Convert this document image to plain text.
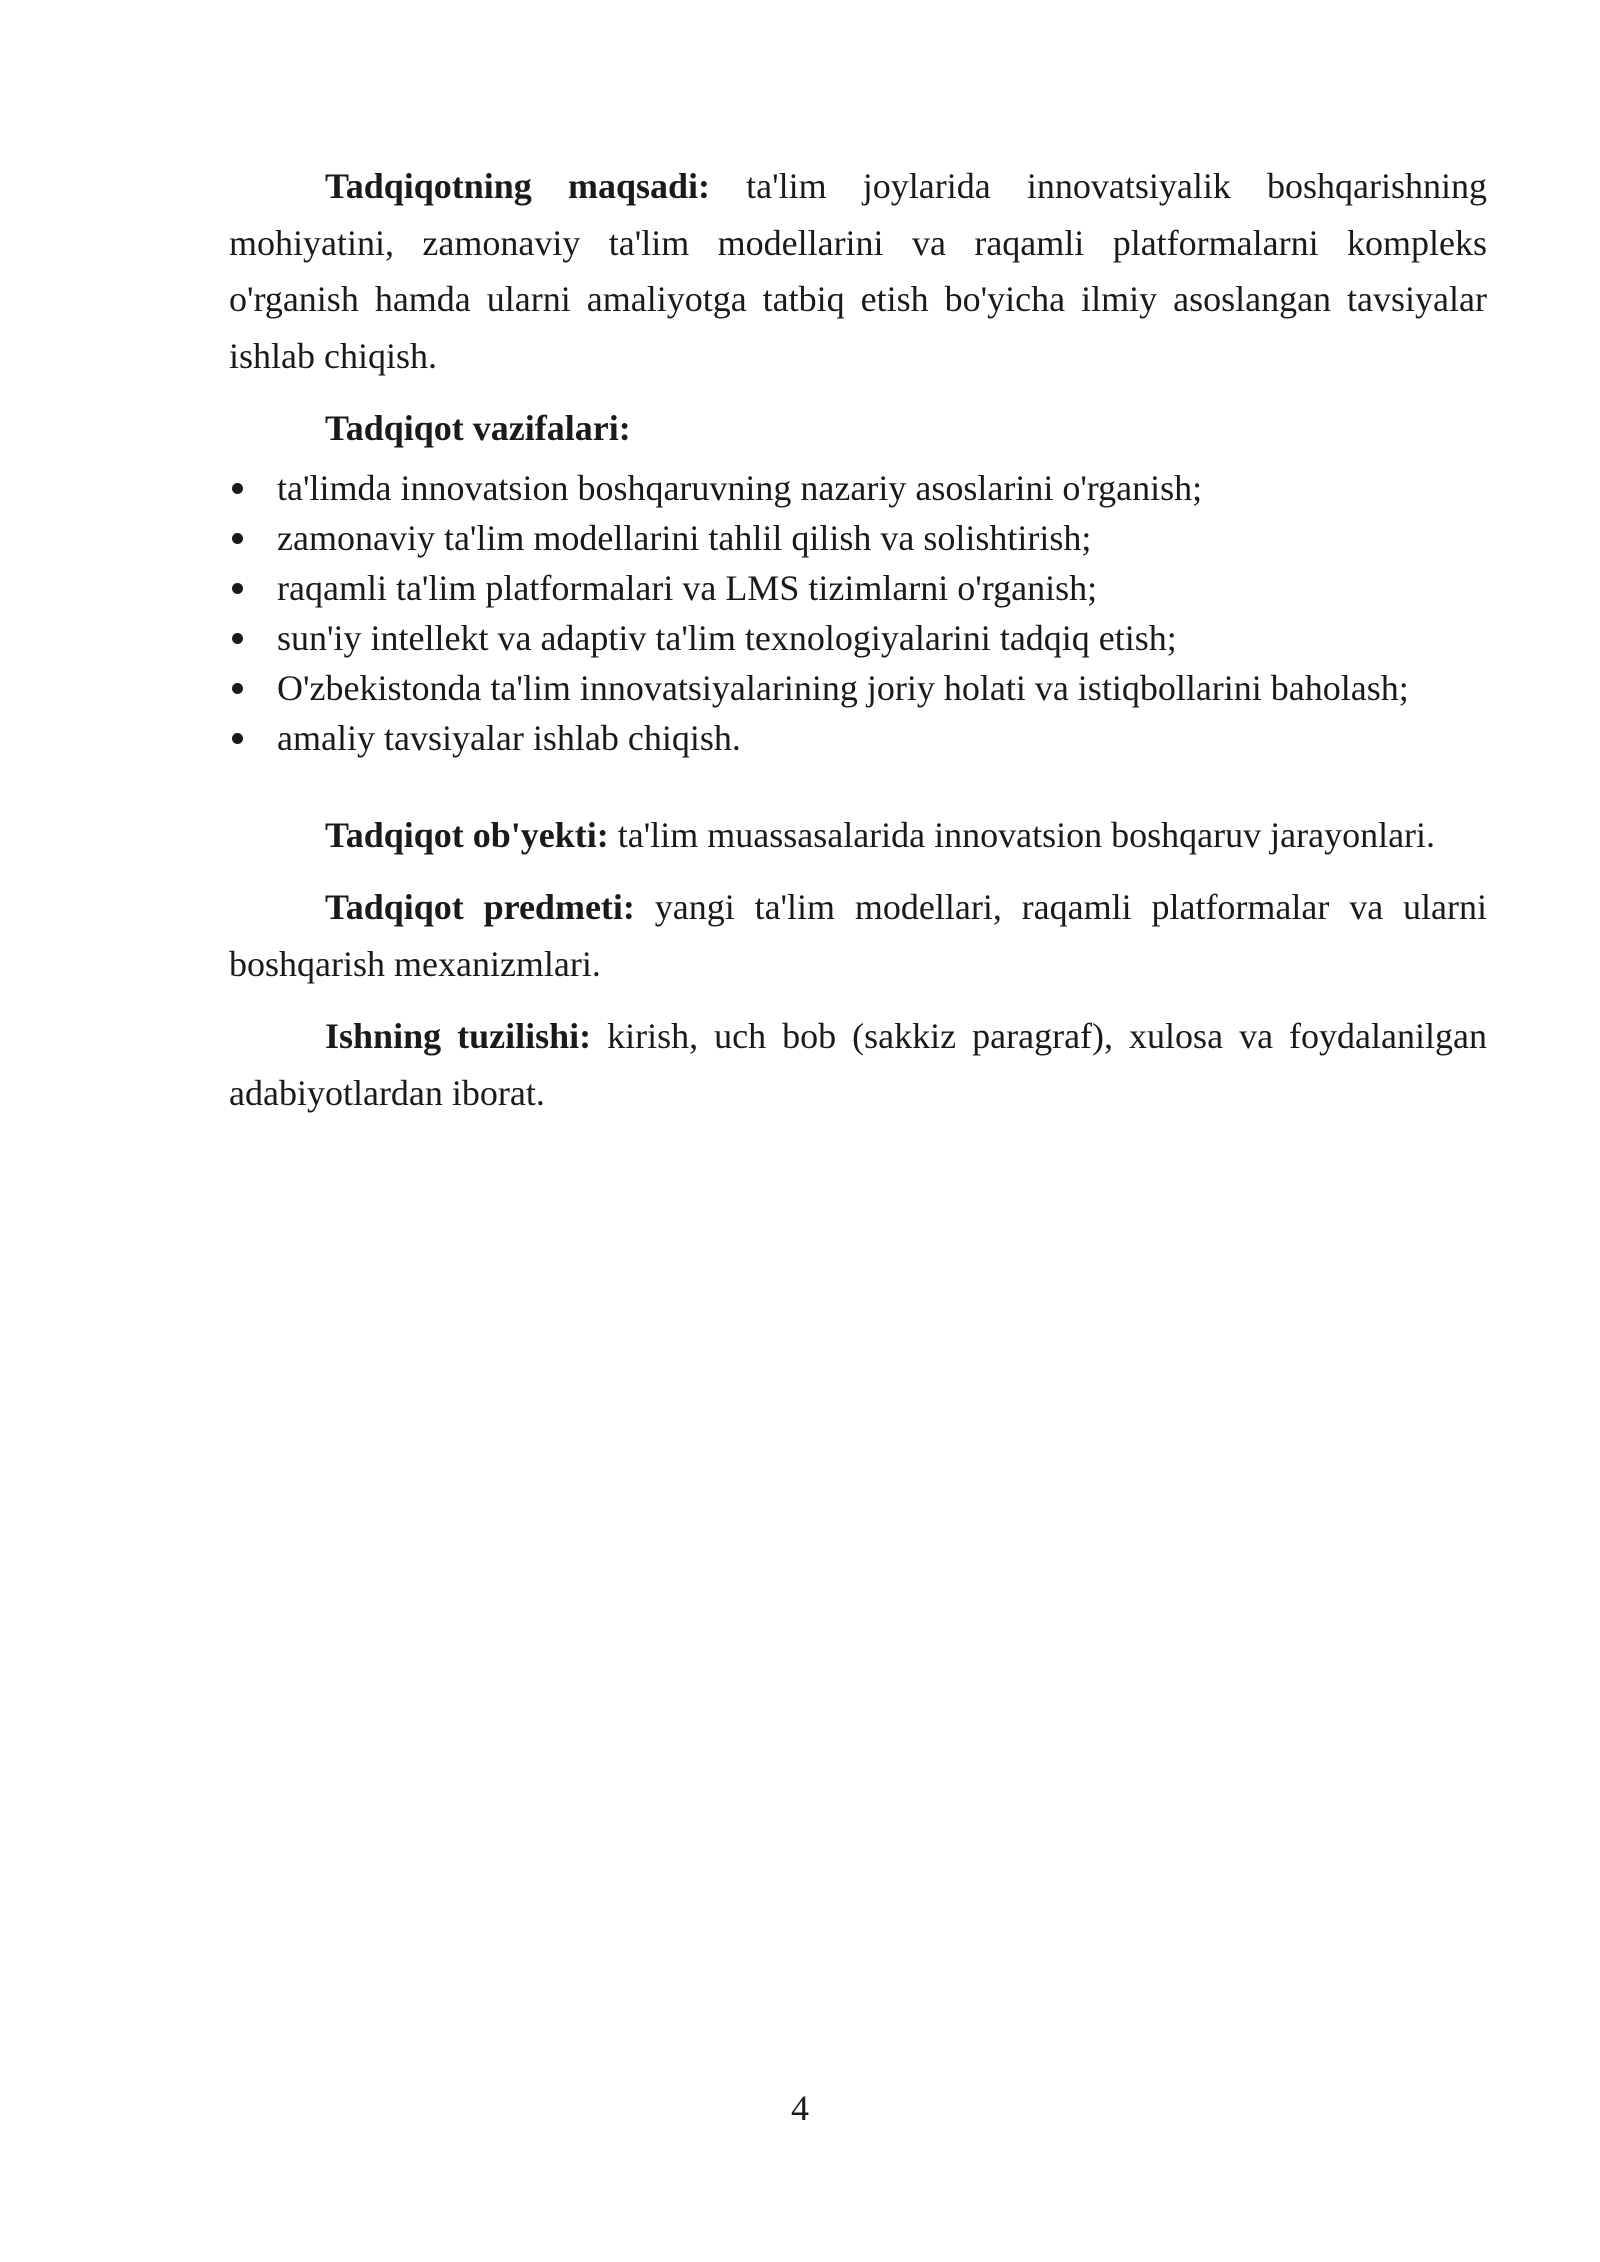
Tadqiqotning maqsadi: ta'lim joylarida innovatsiyalik boshqarishning mohiyatini, zamonaviy ta'lim modellarini va raqamli platformalarni kompleks o'rganish hamda ularni amaliyotga tatbiq etish bo'yicha ilmiy asoslangan tavsiyalar ishlab chiqish.

Tadqiqot vazifalari:

ta'limda innovatsion boshqaruvning nazariy asoslarini o'rganish;
zamonaviy ta'lim modellarini tahlil qilish va solishtirish;
raqamli ta'lim platformalari va LMS tizimlarni o'rganish;
sun'iy intellekt va adaptiv ta'lim texnologiyalarini tadqiq etish;
O'zbekistonda ta'lim innovatsiyalarining joriy holati va istiqbollarini baholash;
amaliy tavsiyalar ishlab chiqish.

Tadqiqot ob'yekti: ta'lim muassasalarida innovatsion boshqaruv jarayonlari.

Tadqiqot predmeti: yangi ta'lim modellari, raqamli platformalar va ularni boshqarish mexanizmlari.

Ishning tuzilishi: kirish, uch bob (sakkiz paragraf), xulosa va foydalanilgan adabiyotlardan iborat.

4
